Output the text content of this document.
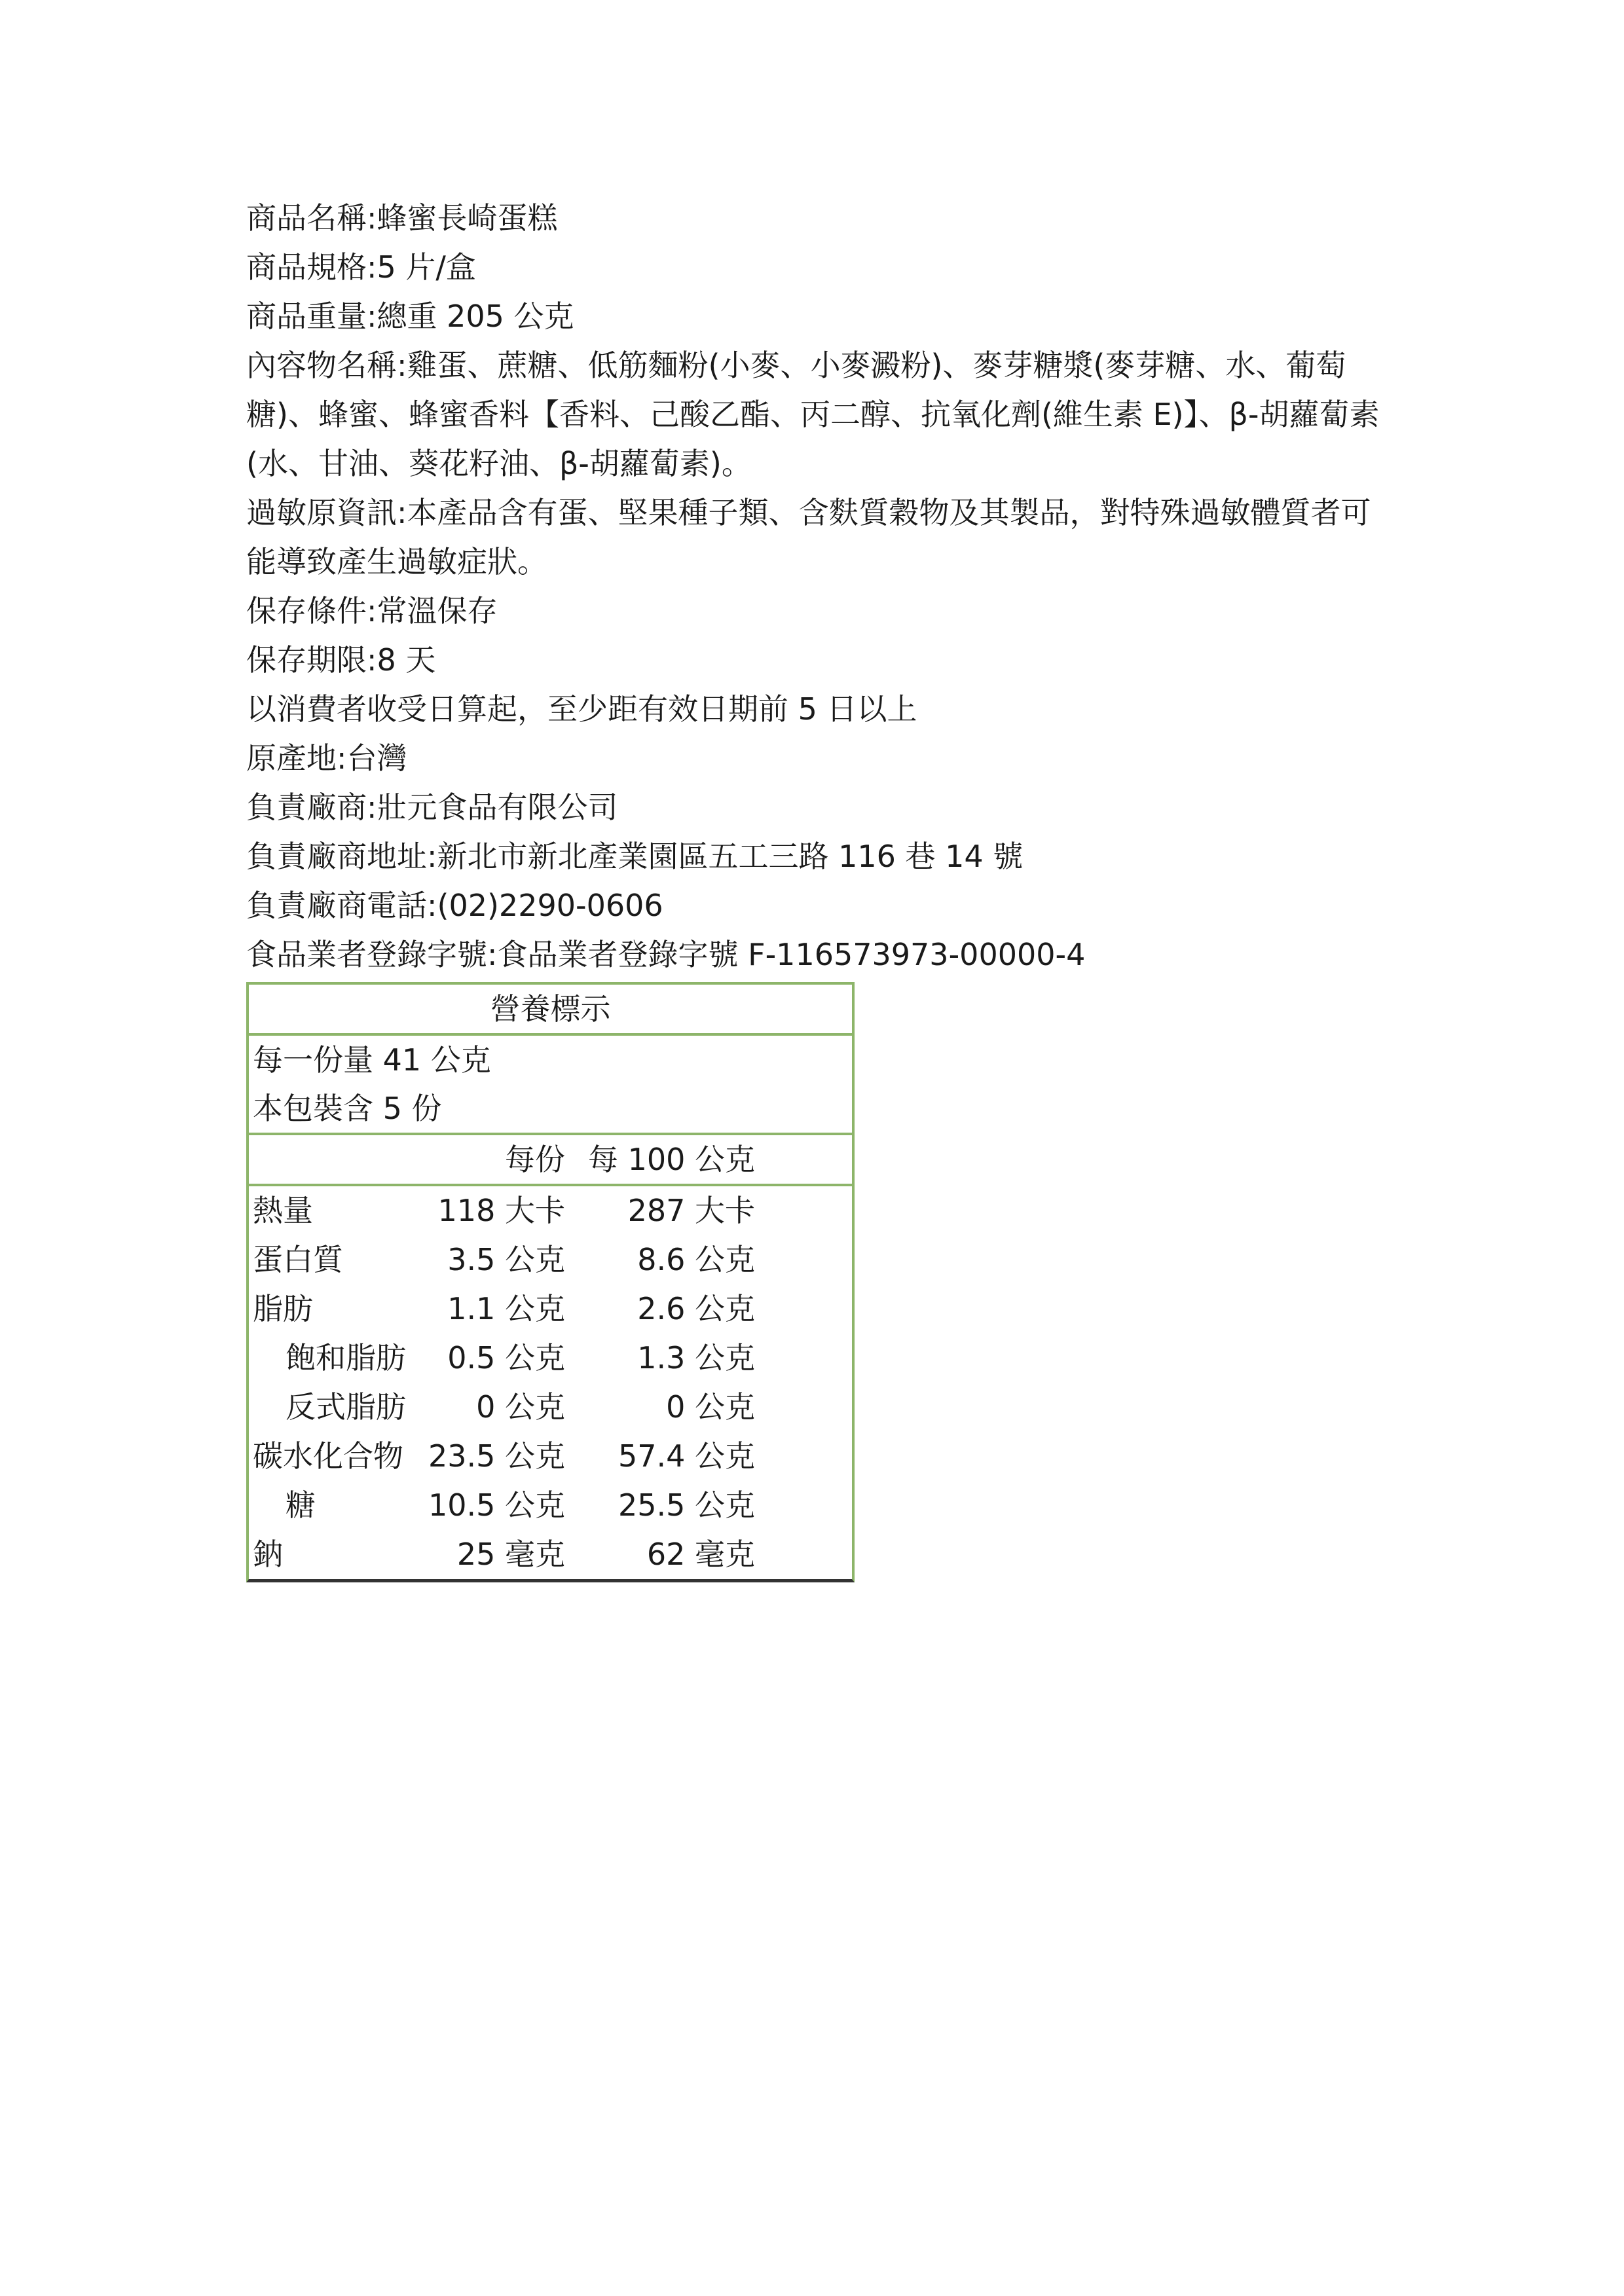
商品名稱:蜂蜜長崎蛋糕
商品規格:5 片/盒
商品重量:總重 205 公克
內容物名稱:雞蛋、蔗糖、低筋麵粉(小麥、小麥澱粉)、麥芽糖漿(麥芽糖、水、葡萄糖)、蜂蜜、蜂蜜香料【香料、己酸乙酯、丙二醇、抗氧化劑(維生素 E)】、β-胡蘿蔔素(水、甘油、葵花籽油、β-胡蘿蔔素)。
過敏原資訊:本產品含有蛋、堅果種子類、含麩質穀物及其製品，對特殊過敏體質者可能導致產生過敏症狀。
保存條件:常溫保存
保存期限:8 天
以消費者收受日算起，至少距有效日期前 5 日以上
原產地:台灣
負責廠商:壯元食品有限公司
負責廠商地址:新北市新北產業園區五工三路 116 巷 14 號
負責廠商電話:(02)2290-0606
食品業者登錄字號:食品業者登錄字號 F-116573973-00000-4
營養標示
每一份量 41 公克
本包裝含 5 份
每份 每 100 公克
熱量	118 大卡 287 大卡
蛋白質	3.5 公克 8.6 公克
脂肪	1.1 公克 2.6 公克
飽和脂肪 0.5 公克 1.3 公克
反式脂肪 0 公克	0 公克
碳水化合物 23.5 公克 57.4 公克
糖	10.5 公克 25.5 公克
鈉	25 毫克	62 毫克
